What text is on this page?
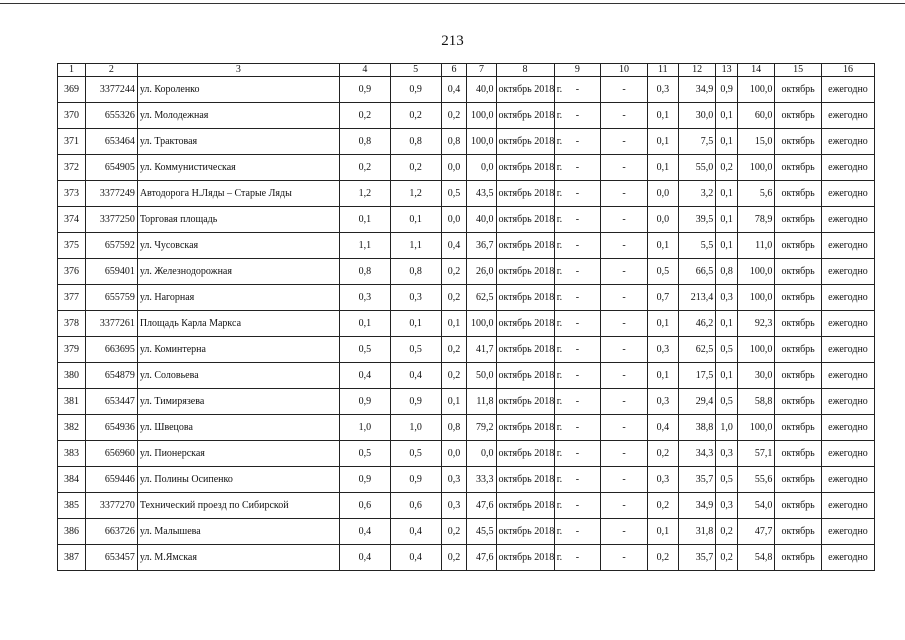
213
1	2	3	4	5	6	7	8	9	10	11	12	13	14	15	16
369	3377244	ул. Короленко	0,9	0,9	0,4	40,0	октябрь 2018 г.	-	-	0,3	34,9	0,9	100,0	октябрь	ежегодно
370	655326	ул. Молодежная	0,2	0,2	0,2	100,0	октябрь 2018 г.	-	-	0,1	30,0	0,1	60,0	октябрь	ежегодно
371	653464	ул. Трактовая	0,8	0,8	0,8	100,0	октябрь 2018 г.	-	-	0,1	7,5	0,1	15,0	октябрь	ежегодно
372	654905	ул. Коммунистическая	0,2	0,2	0,0	0,0	октябрь 2018 г.	-	-	0,1	55,0	0,2	100,0	октябрь	ежегодно
373	3377249	Автодорога Н.Ляды – Старые Ляды	1,2	1,2	0,5	43,5	октябрь 2018 г.	-	-	0,0	3,2	0,1	5,6	октябрь	ежегодно
374	3377250	Торговая площадь	0,1	0,1	0,0	40,0	октябрь 2018 г.	-	-	0,0	39,5	0,1	78,9	октябрь	ежегодно
375	657592	ул. Чусовская	1,1	1,1	0,4	36,7	октябрь 2018 г.	-	-	0,1	5,5	0,1	11,0	октябрь	ежегодно
376	659401	ул. Железнодорожная	0,8	0,8	0,2	26,0	октябрь 2018 г.	-	-	0,5	66,5	0,8	100,0	октябрь	ежегодно
377	655759	ул. Нагорная	0,3	0,3	0,2	62,5	октябрь 2018 г.	-	-	0,7	213,4	0,3	100,0	октябрь	ежегодно
378	3377261	Площадь Карла Маркса	0,1	0,1	0,1	100,0	октябрь 2018 г.	-	-	0,1	46,2	0,1	92,3	октябрь	ежегодно
379	663695	ул. Коминтерна	0,5	0,5	0,2	41,7	октябрь 2018 г.	-	-	0,3	62,5	0,5	100,0	октябрь	ежегодно
380	654879	ул. Соловьева	0,4	0,4	0,2	50,0	октябрь 2018 г.	-	-	0,1	17,5	0,1	30,0	октябрь	ежегодно
381	653447	ул. Тимирязева	0,9	0,9	0,1	11,8	октябрь 2018 г.	-	-	0,3	29,4	0,5	58,8	октябрь	ежегодно
382	654936	ул. Швецова	1,0	1,0	0,8	79,2	октябрь 2018 г.	-	-	0,4	38,8	1,0	100,0	октябрь	ежегодно
383	656960	ул. Пионерская	0,5	0,5	0,0	0,0	октябрь 2018 г.	-	-	0,2	34,3	0,3	57,1	октябрь	ежегодно
384	659446	ул. Полины Осипенко	0,9	0,9	0,3	33,3	октябрь 2018 г.	-	-	0,3	35,7	0,5	55,6	октябрь	ежегодно
385	3377270	Технический проезд по Сибирской	0,6	0,6	0,3	47,6	октябрь 2018 г.	-	-	0,2	34,9	0,3	54,0	октябрь	ежегодно
386	663726	ул. Малышева	0,4	0,4	0,2	45,5	октябрь 2018 г.	-	-	0,1	31,8	0,2	47,7	октябрь	ежегодно
387	653457	ул. М.Ямская	0,4	0,4	0,2	47,6	октябрь 2018 г.	-	-	0,2	35,7	0,2	54,8	октябрь	ежегодно
